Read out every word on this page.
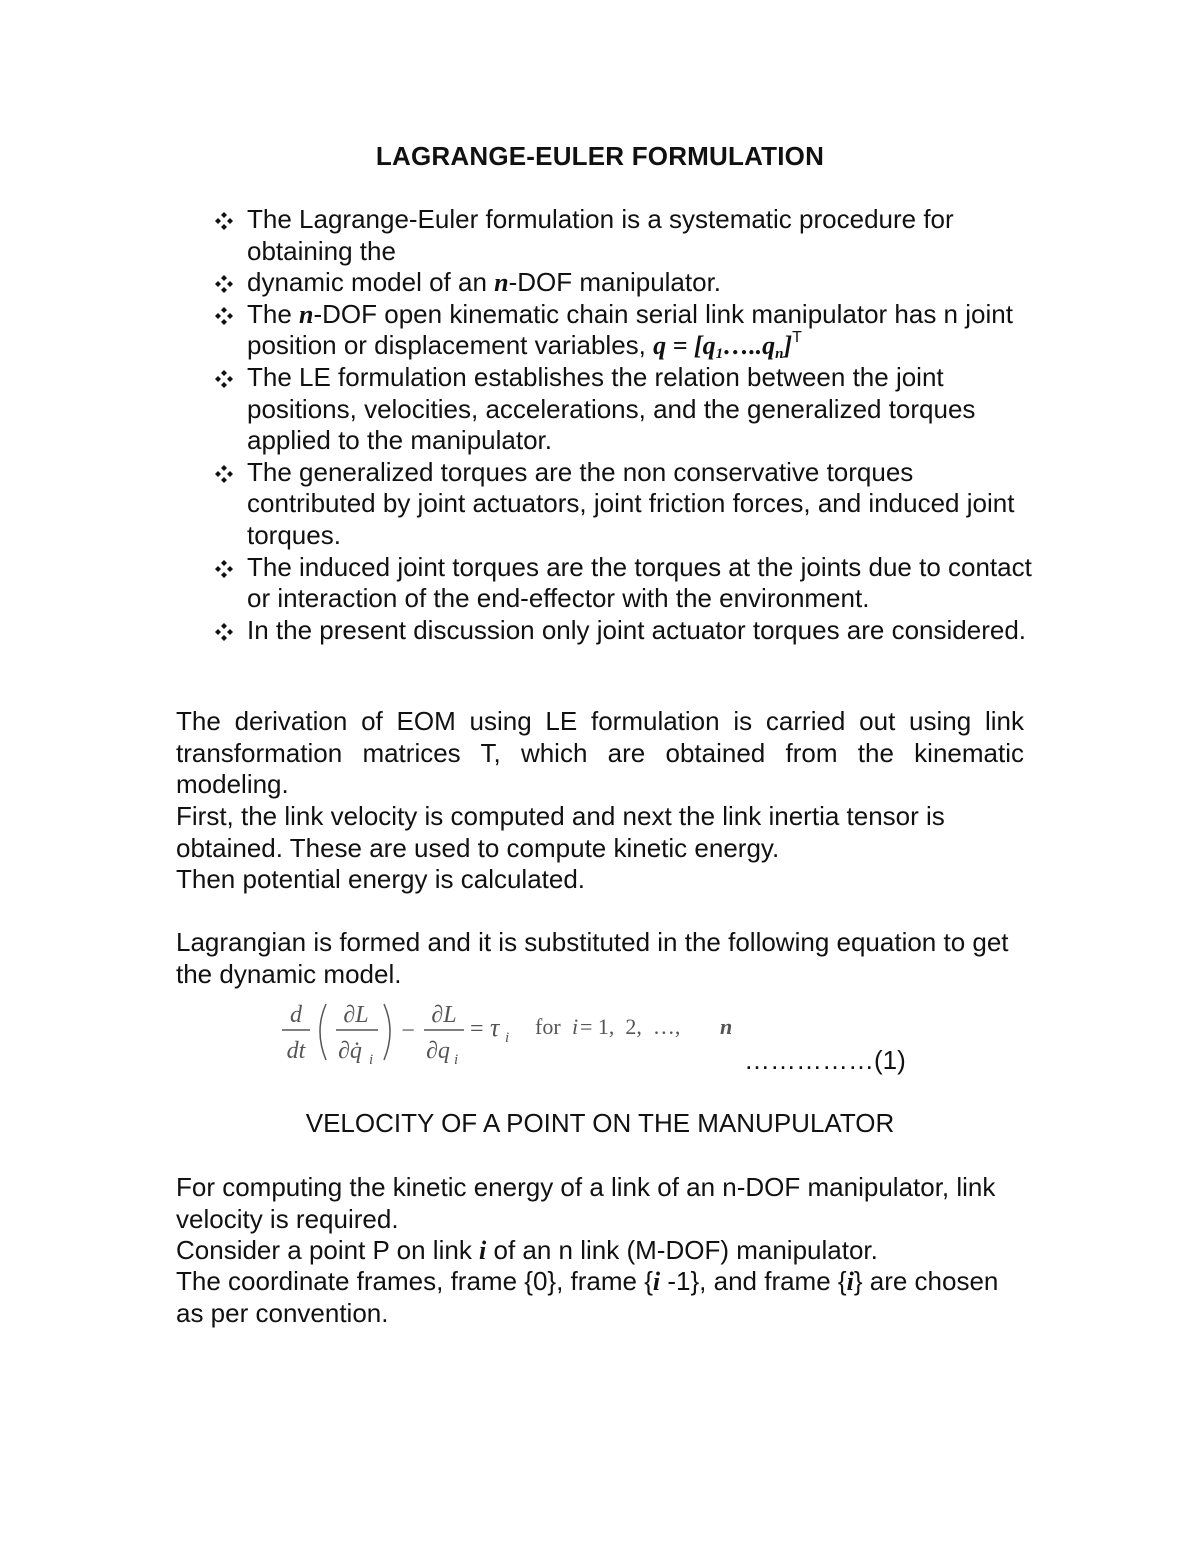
LAGRANGE-EULER FORMULATION
The Lagrange-Euler formulation is a systematic procedure for obtaining the
dynamic model of an n-DOF manipulator.
The n-DOF open kinematic chain serial link manipulator has n joint position or displacement variables, $q = [q_1\dots..q_n]^T$
The LE formulation establishes the relation between the joint positions, velocities, accelerations, and the generalized torques applied to the manipulator.
The generalized torques are the non conservative torques contributed by joint actuators, joint friction forces, and induced joint torques.
The induced joint torques are the torques at the joints due to contact or interaction of the end-effector with the environment.
In the present discussion only joint actuator torques are considered.
The derivation of EOM using LE formulation is carried out using link transformation matrices T, which are obtained from the kinematic modeling.
First, the link velocity is computed and next the link inertia tensor is obtained. These are used to compute kinetic energy.
Then potential energy is calculated.
Lagrangian is formed and it is substituted in the following equation to get the dynamic model.
d
dt
∂L
∂q̇ i
−
∂L
∂q i
= τ i for i = 1,  2,  …, n
……………(1)
VELOCITY OF A POINT ON THE MANUPULATOR
For computing the kinetic energy of a link of an n-DOF manipulator, link velocity is required.
Consider a point P on link i of an n link (M-DOF) manipulator.
The coordinate frames, frame {0}, frame {i -1}, and frame {i} are chosen as per convention.
